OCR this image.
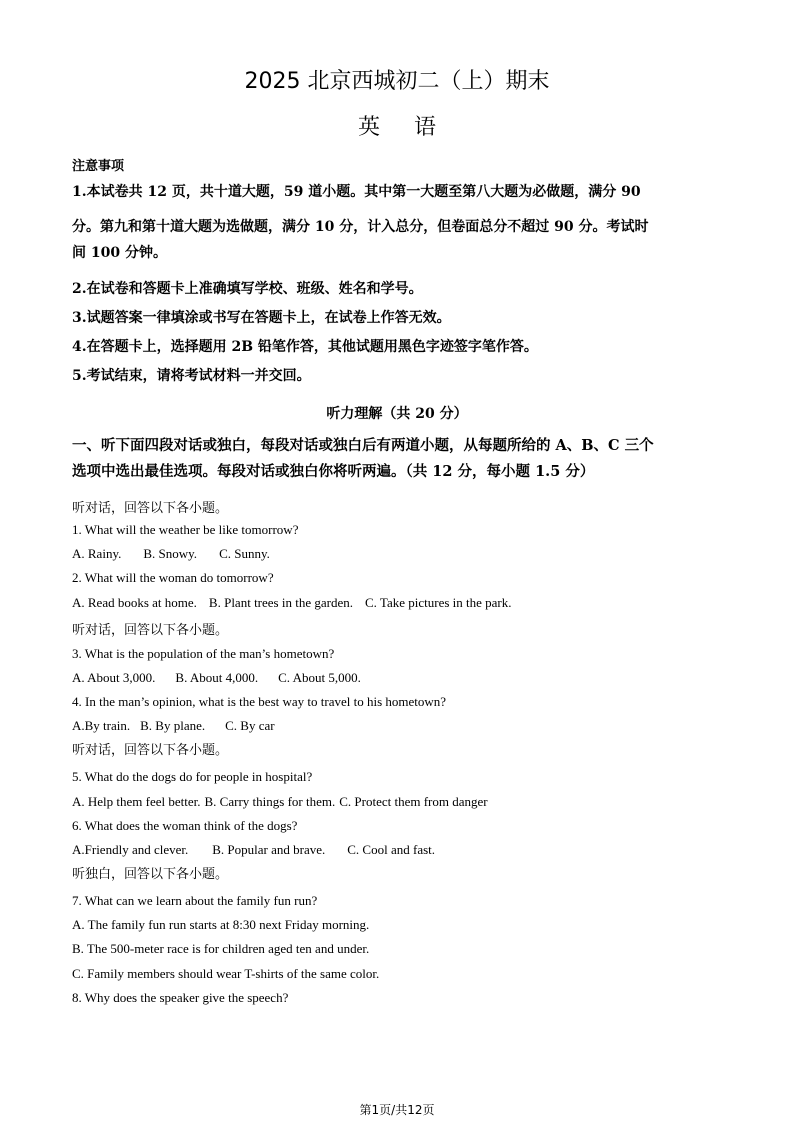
2025 北京西城初二（上）期末
英语
注意事项
1.本试卷共 12 页，共十道大题，59 道小题。其中第一大题至第八大题为必做题，满分 90
分。第九和第十道大题为选做题，满分 10 分，计入总分，但卷面总分不超过 90 分。考试时
间 100 分钟。
2.在试卷和答题卡上准确填写学校、班级、姓名和学号。
3.试题答案一律填涂或书写在答题卡上，在试卷上作答无效。
4.在答题卡上，选择题用 2B 铅笔作答，其他试题用黑色字迹签字笔作答。
5.考试结束，请将考试材料一并交回。
听力理解（共 20 分）
一、听下面四段对话或独白，每段对话或独白后有两道小题，从每题所给的 A、B、C 三个
选项中选出最佳选项。每段对话或独白你将听两遍。（共 12 分，每小题 1.5 分）
听对话，回答以下各小题。
1. What will the weather be like tomorrow?
A. Rainy. B. Snowy. C. Sunny.
2. What will the woman do tomorrow?
A. Read books at home. B. Plant trees in the garden. C. Take pictures in the park.
听对话，回答以下各小题。
3. What is the population of the man’s hometown?
A. About 3,000. B. About 4,000. C. About 5,000.
4. In the man’s opinion, what is the best way to travel to his hometown?
A.By train. B. By plane. C. By car
听对话，回答以下各小题。
5. What do the dogs do for people in hospital?
A. Help them feel better. B. Carry things for them. C. Protect them from danger
6. What does the woman think of the dogs?
A.Friendly and clever. B. Popular and brave. C. Cool and fast.
听独白，回答以下各小题。
7. What can we learn about the family fun run?
A. The family fun run starts at 8:30 next Friday morning.
B. The 500-meter race is for children aged ten and under.
C. Family members should wear T-shirts of the same color.
8. Why does the speaker give the speech?
第1页/共12页
